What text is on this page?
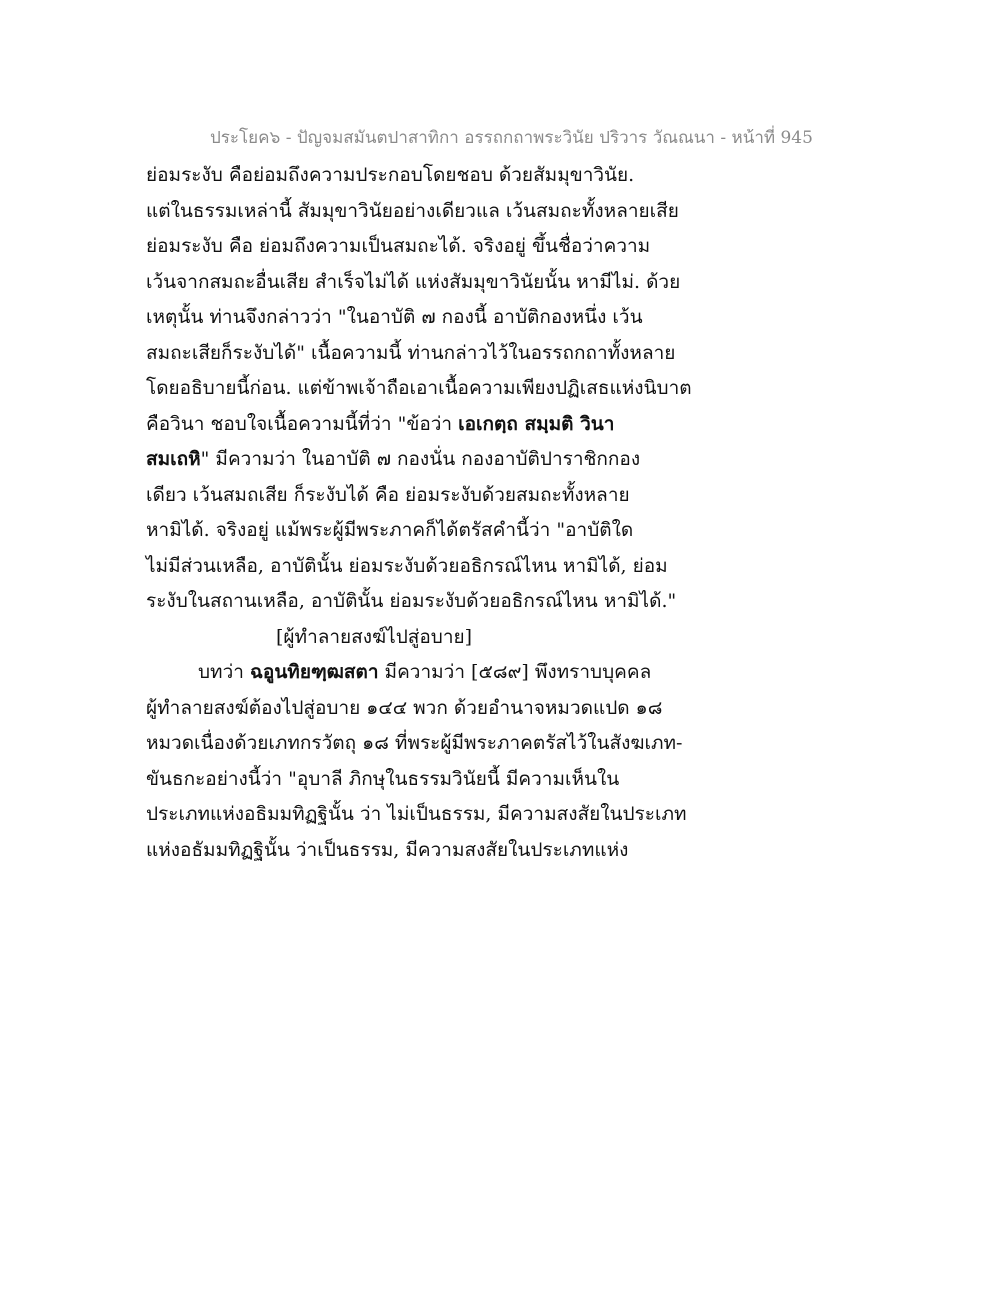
ประโยค๖ - ปัญจมสมันตปาสาทิกา อรรถกถาพระวินัย ปริวาร วัณณนา - หน้าที่ 945
ย่อมระงับ คือย่อมถึงความประกอบโดยชอบ ด้วยสัมมุขาวินัย.
แต่ในธรรมเหล่านี้ สัมมุขาวินัยอย่างเดียวแล เว้นสมถะทั้งหลายเสีย
ย่อมระงับ คือ ย่อมถึงความเป็นสมถะได้. จริงอยู่ ขึ้นชื่อว่าความ
เว้นจากสมถะอื่นเสีย สำเร็จไม่ได้ แห่งสัมมุขาวินัยนั้น หามีไม่. ด้วย
เหตุนั้น ท่านจึงกล่าวว่า "ในอาบัติ ๗ กองนี้ อาบัติกองหนึ่ง เว้น
สมถะเสียก็ระงับได้" เนื้อความนี้ ท่านกล่าวไว้ในอรรถกถาทั้งหลาย
โดยอธิบายนี้ก่อน. แต่ข้าพเจ้าถือเอาเนื้อความเพียงปฏิเสธแห่งนิบาต
คือวินา ชอบใจเนื้อความนี้ที่ว่า "ข้อว่า เอเกตฺถ สมฺมติ วินา
สมเถหิ" มีความว่า ในอาบัติ ๗ กองนั่น กองอาบัติปาราชิกกอง
เดียว เว้นสมถเสีย ก็ระงับได้ คือ ย่อมระงับด้วยสมถะทั้งหลาย
หามิได้. จริงอยู่ แม้พระผู้มีพระภาคก็ได้ตรัสคำนี้ว่า "อาบัติใด
ไม่มีส่วนเหลือ, อาบัตินั้น ย่อมระงับด้วยอธิกรณ์ไหน หามิได้, ย่อม
ระงับในสถานเหลือ, อาบัตินั้น ย่อมระงับด้วยอธิกรณ์ไหน หามิได้."
[ผู้ทำลายสงฆ์ไปสู่อบาย]
บทว่า ฉอูนทิยฑฺฒสตา มีความว่า [๕๘๙] พึงทราบบุคคล
ผู้ทำลายสงฆ์ต้องไปสู่อบาย ๑๔๔ พวก ด้วยอำนาจหมวดแปด ๑๘
หมวดเนื่องด้วยเภทกรวัตถุ ๑๘ ที่พระผู้มีพระภาคตรัสไว้ในสังฆเภท-
ขันธกะอย่างนี้ว่า "อุบาลี ภิกษุในธรรมวินัยนี้ มีความเห็นใน
ประเภทแห่งอธิมมทิฏฐินั้น ว่า ไม่เป็นธรรม, มีความสงสัยในประเภท
แห่งอธัมมทิฏฐินั้น ว่าเป็นธรรม, มีความสงสัยในประเภทแห่ง
